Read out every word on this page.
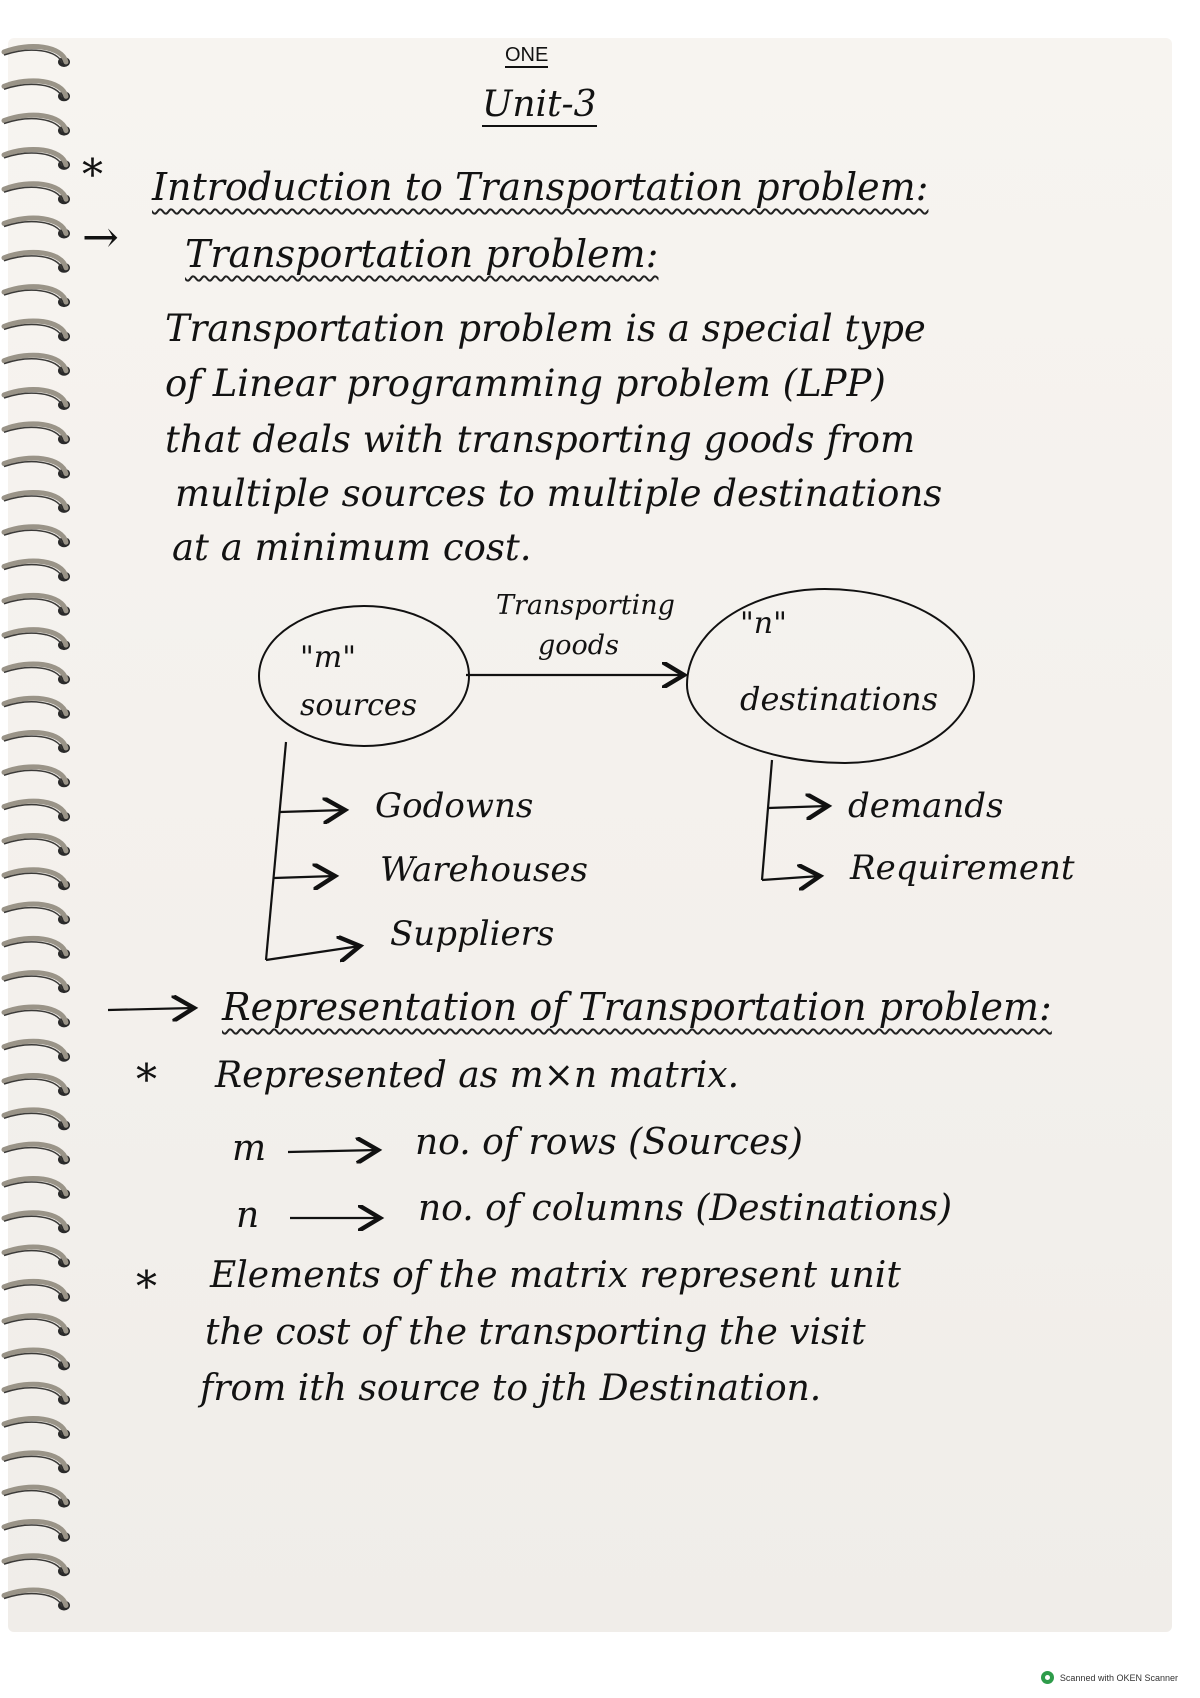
ONE
Unit-3
* Introduction to Transportation problem:
→ Transportation problem:
Transportation problem is a special type
of Linear programming problem (LPP)
that deals with transporting goods from
multiple sources to multiple destinations
at a minimum cost.
"m"
sources
Transporting
goods
"n"
destinations
Godowns
Warehouses
Suppliers
demands
Requirement
Representation of Transportation problem:
* Represented as m×n matrix.
m	no. of rows (Sources)
n	no. of columns (Destinations)
* Elements of the matrix represent unit
the cost of the transporting the visit
from ith source to jth Destination.
Scanned with OKEN Scanner
